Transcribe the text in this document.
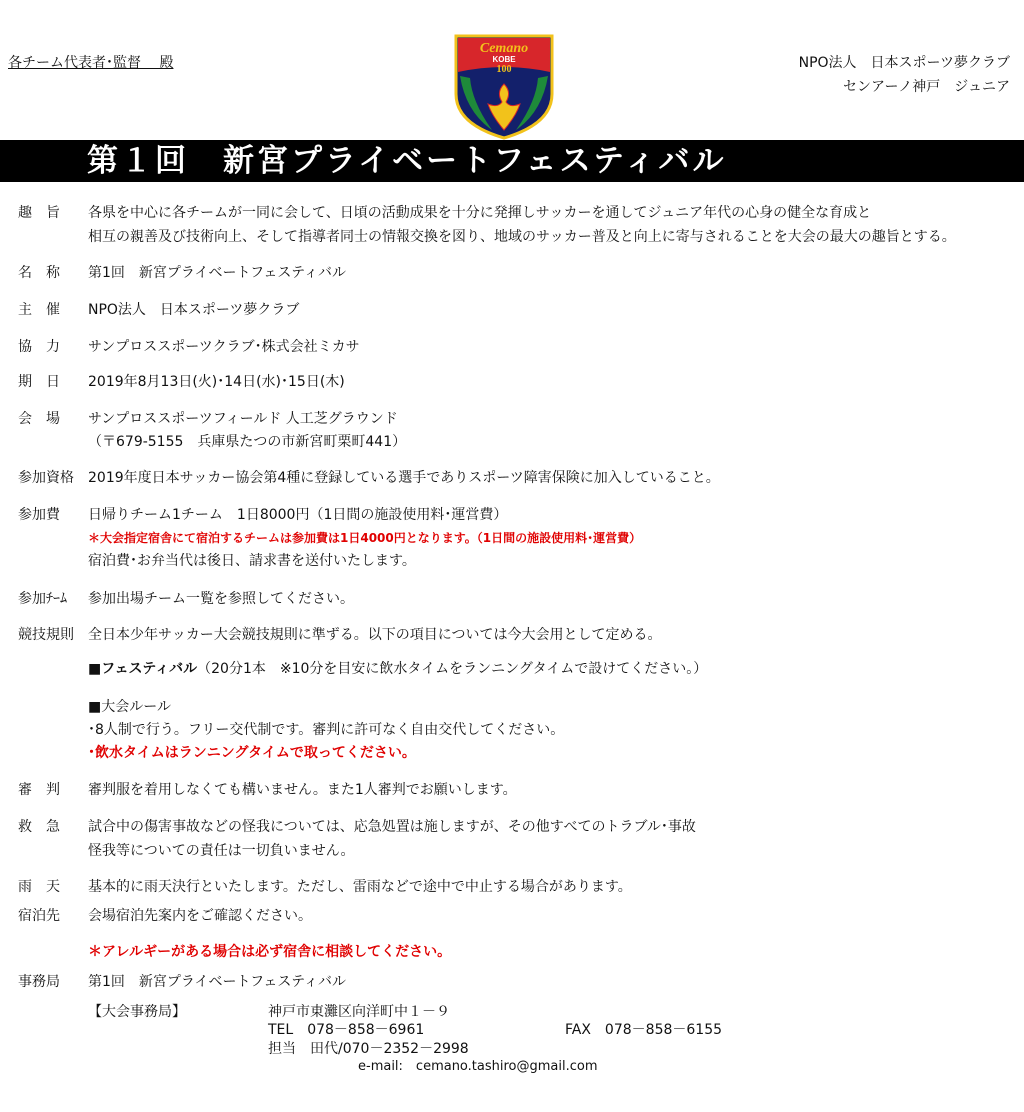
各チーム代表者･監督　 殿
Cemano
KOBE
100	NPO法人　日本スポーツ夢クラブ
センアーノ神戸　ジュニア
第１回　新宮プライベートフェスティバル
趣　旨 各県を中心に各チームが一同に会して、日頃の活動成果を十分に発揮しサッカーを通してジュニア年代の心身の健全な育成と
相互の親善及び技術向上、そして指導者同士の情報交換を図り、地域のサッカー普及と向上に寄与されることを大会の最大の趣旨とする。
名　称 第1回　新宮プライベートフェスティバル
主　催 NPO法人　日本スポーツ夢クラブ
協　力 サンプロススポーツクラブ･株式会社ミカサ
期　日 2019年8月13日(火)･14日(水)･15日(木)
会　場 サンプロススポーツフィールド 人工芝グラウンド
（〒679-5155　兵庫県たつの市新宮町栗町441）
参加資格 2019年度日本サッカー協会第4種に登録している選手でありスポーツ障害保険に加入していること。
参加費 日帰りチーム1チーム　1日8000円（1日間の施設使用料･運営費）
＊大会指定宿舎にて宿泊するチームは参加費は1日4000円となります。（1日間の施設使用料･運営費）
宿泊費･お弁当代は後日、請求書を送付いたします。
参加ﾁｰﾑ 参加出場チーム一覧を参照してください。
競技規則 全日本少年サッカー大会競技規則に準ずる。以下の項目については今大会用として定める。
■フェスティバル（20分1本　※10分を目安に飲水タイムをランニングタイムで設けてください。）
■大会ルール
･8人制で行う。フリー交代制です。審判に許可なく自由交代してください。
･飲水タイムはランニングタイムで取ってください。
審　判 審判服を着用しなくても構いません。また1人審判でお願いします。
救　急 試合中の傷害事故などの怪我については、応急処置は施しますが、その他すべてのトラブル･事故
怪我等についての責任は一切負いません。
雨　天 基本的に雨天決行といたします。ただし、雷雨などで途中で中止する場合があります。
宿泊先 会場宿泊先案内をご確認ください。
＊アレルギーがある場合は必ず宿舎に相談してください。
事務局 第1回　新宮プライベートフェスティバル
【大会事務局】	神戸市東灘区向洋町中１－９
TEL　078－858－6961	FAX　078－858－6155
担当　田代/070－2352－2998
e-mail:　cemano.tashiro@gmail.com
